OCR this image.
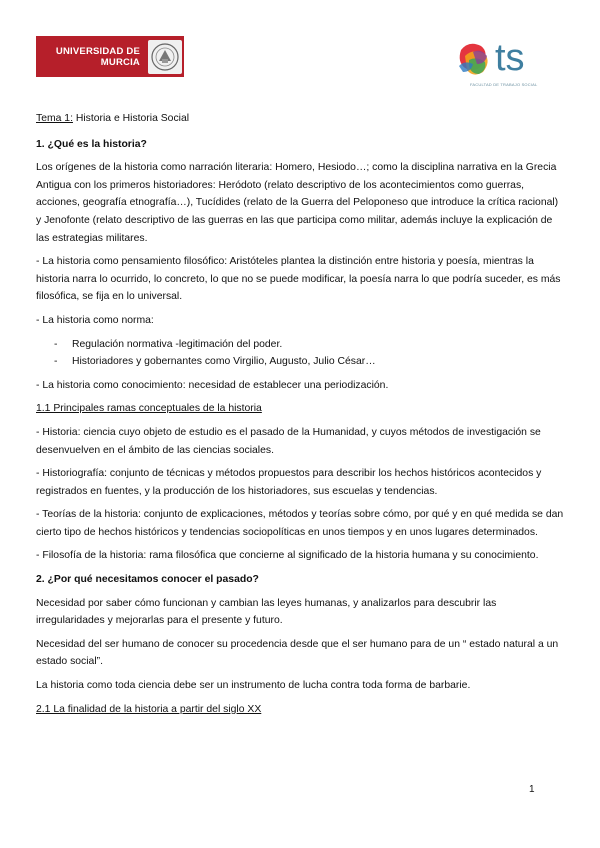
UNIVERSIDAD DE
MURCIA	ts
FACULTAD DE TRABAJO SOCIAL

Tema 1: Historia e Historia Social

1. ¿Qué es la historia?

Los orígenes de la historia como narración literaria: Homero, Hesiodo…; como la disciplina narrativa en la Grecia Antigua con los primeros historiadores: Heródoto (relato descriptivo de los acontecimientos como guerras, acciones, geografía etnografía…), Tucídides (relato de la Guerra del Peloponeso que introduce la crítica racional) y Jenofonte (relato descriptivo de las guerras en las que participa como militar, además incluye la explicación de las estrategias militares.

- La historia como pensamiento filosófico: Aristóteles plantea la distinción entre historia y poesía, mientras la historia narra lo ocurrido, lo concreto, lo que no se puede modificar, la poesía narra lo que podría suceder, es más filosófica, se fija en lo universal.

- La historia como norma:

- Regulación normativa -legitimación del poder.
- Historiadores y gobernantes como Virgilio, Augusto, Julio César…

- La historia como conocimiento: necesidad de establecer una periodización.

1.1 Principales ramas conceptuales de la historia

- Historia: ciencia cuyo objeto de estudio es el pasado de la Humanidad, y cuyos métodos de investigación se desenvuelven en el ámbito de las ciencias sociales.

- Historiografía: conjunto de técnicas y métodos propuestos para describir los hechos históricos acontecidos y registrados en fuentes, y la producción de los historiadores, sus escuelas y tendencias.

- Teorías de la historia: conjunto de explicaciones, métodos y teorías sobre cómo, por qué y en qué medida se dan cierto tipo de hechos históricos y tendencias sociopolíticas en unos tiempos y en unos lugares determinados.

- Filosofía de la historia: rama filosófica que concierne al significado de la historia humana y su conocimiento.

2. ¿Por qué necesitamos conocer el pasado?

Necesidad por saber cómo funcionan y cambian las leyes humanas, y analizarlos para descubrir las irregularidades y mejorarlas para el presente y futuro.

Necesidad del ser humano de conocer su procedencia desde que el ser humano para de un “ estado natural a un estado social”.

La historia como toda ciencia debe ser un instrumento de lucha contra toda forma de barbarie.

2.1 La finalidad de la historia a partir del siglo XX

1
